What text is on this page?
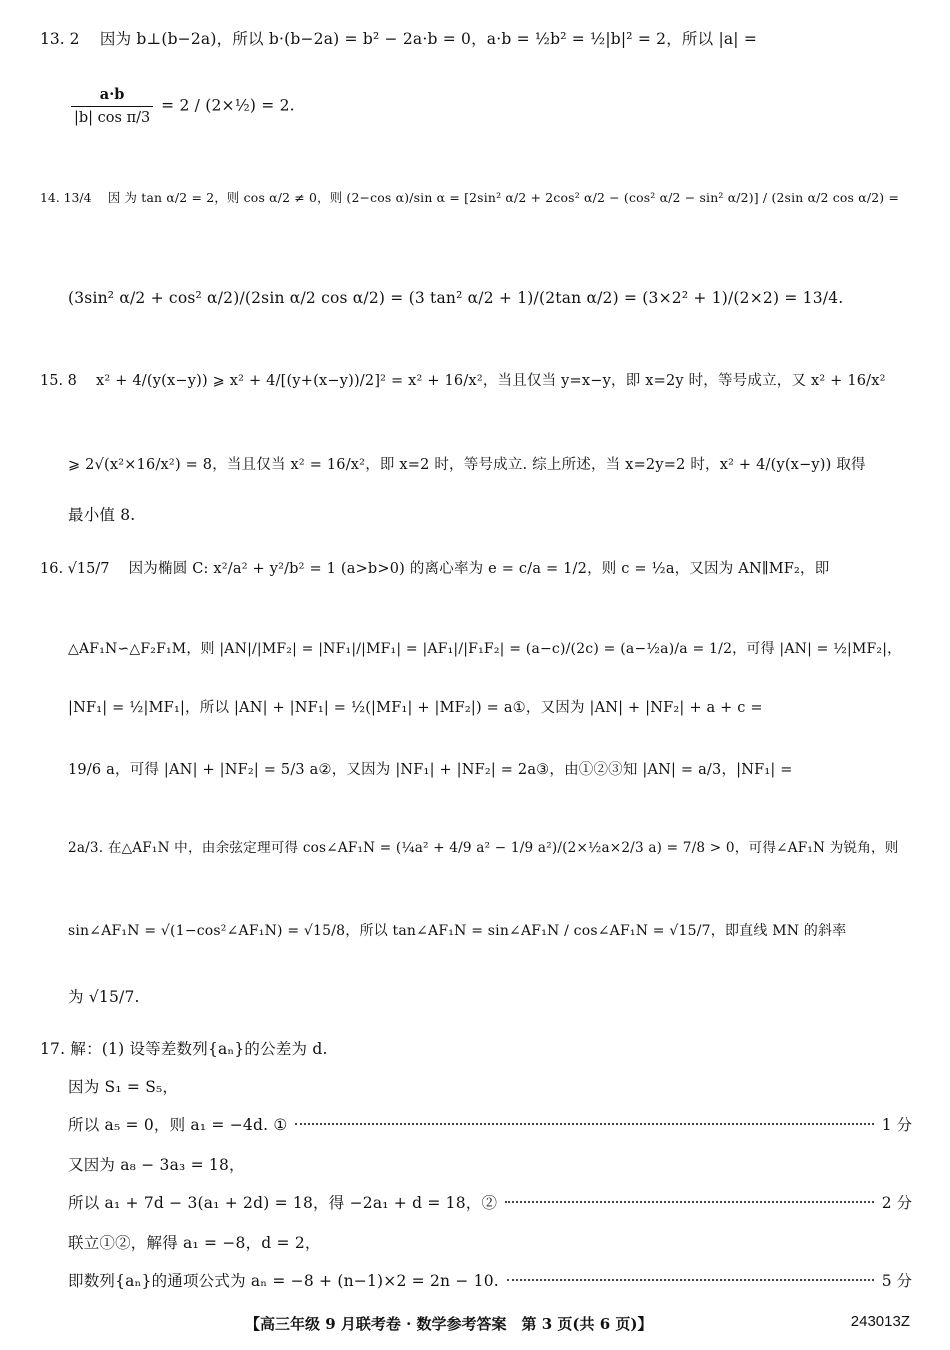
13. 2　 因为 b⊥(b−2a)，所以 b·(b−2a) = b² − 2a·b = 0，a·b = ½b² = ½|b|² = 2，所以 |a| =
$\frac{a\cdot b}{\text{|b| cos π/3}} = 2$ / (2×½) = 2.
14. 13/4　 因 为 tan α/2 = 2，则 cos α/2 ≠ 0，则 (2−cos α)/sin α = [2sin² α/2 + 2cos² α/2 − (cos² α/2 − sin² α/2)] / (2sin α/2 cos α/2) =
(3sin² α/2 + cos² α/2)/(2sin α/2 cos α/2) = (3 tan² α/2 + 1)/(2tan α/2) = (3×2² + 1)/(2×2) = 13/4.
15. 8　 x² + 4/(y(x−y)) ⩾ x² + 4/[(y+(x−y))/2]² = x² + 16/x²，当且仅当 y=x−y，即 x=2y 时，等号成立，又 x² + 16/x²
⩾ 2√(x²×16/x²) = 8，当且仅当 x² = 16/x²，即 x=2 时，等号成立. 综上所述，当 x=2y=2 时，x² + 4/(y(x−y)) 取得
最小值 8.
16. √15/7　 因为椭圆 C: x²/a² + y²/b² = 1 (a>b>0) 的离心率为 e = c/a = 1/2，则 c = ½a，又因为 AN∥MF₂，即
△AF₁N∽△F₂F₁M，则 |AN|/|MF₂| = |NF₁|/|MF₁| = |AF₁|/|F₁F₂| = (a−c)/(2c) = (a−½a)/a = 1/2，可得 |AN| = ½|MF₂|，
|NF₁| = ½|MF₁|，所以 |AN| + |NF₁| = ½(|MF₁| + |MF₂|) = a①，又因为 |AN| + |NF₂| + a + c =
19/6 a，可得 |AN| + |NF₂| = 5/3 a②，又因为 |NF₁| + |NF₂| = 2a③，由①②③知 |AN| = a/3，|NF₁| =
2a/3. 在△AF₁N 中，由余弦定理可得 cos∠AF₁N = (¼a² + 4/9 a² − 1/9 a²)/(2×½a×2/3 a) = 7/8 > 0，可得∠AF₁N 为锐角，则
sin∠AF₁N = √(1−cos²∠AF₁N) = √15/8，所以 tan∠AF₁N = sin∠AF₁N / cos∠AF₁N = √15/7，即直线 MN 的斜率
为 √15/7.
17. 解：(1) 设等差数列{aₙ}的公差为 d.
因为 S₁ = S₅，
所以 a₅ = 0，则 a₁ = −4d. ①	1 分
又因为 a₈ − 3a₃ = 18，
所以 a₁ + 7d − 3(a₁ + 2d) = 18，得 −2a₁ + d = 18，②	2 分
联立①②，解得 a₁ = −8，d = 2，
即数列{aₙ}的通项公式为 aₙ = −8 + (n−1)×2 = 2n − 10.	5 分
【高三年级 9 月联考卷 · 数学参考答案　第 3 页(共 6 页)】	243013Z
